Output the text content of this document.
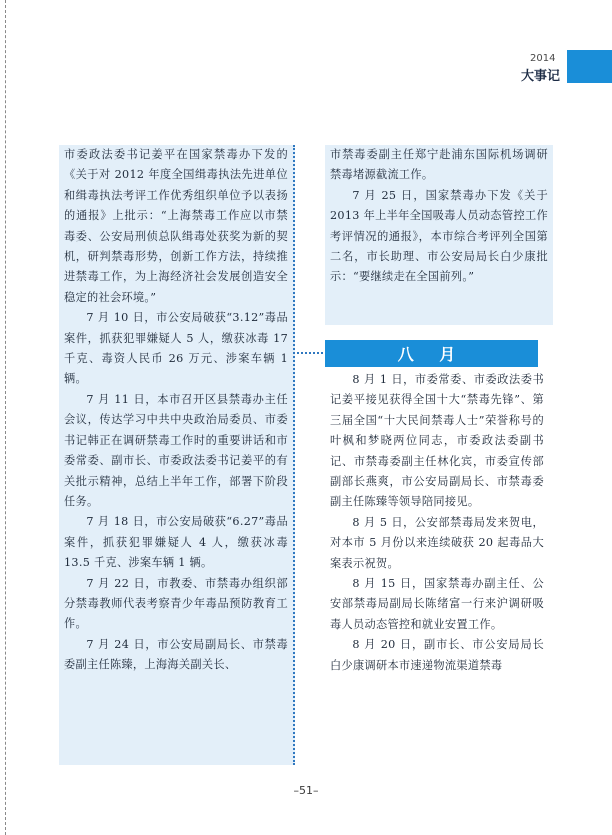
2014
大事记

市委政法委书记姜平在国家禁毒办下发的《关于对 2012 年度全国缉毒执法先进单位和缉毒执法考评工作优秀组织单位予以表扬的通报》上批示：“上海禁毒工作应以市禁毒委、公安局刑侦总队缉毒处获奖为新的契机，研判禁毒形势，创新工作方法，持续推进禁毒工作，为上海经济社会发展创造安全稳定的社会环境。”

7 月 10 日，市公安局破获“3.12”毒品案件，抓获犯罪嫌疑人 5 人，缴获冰毒 17 千克、毒资人民币 26 万元、涉案车辆 1 辆。

7 月 11 日，本市召开区县禁毒办主任会议，传达学习中共中央政治局委员、市委书记韩正在调研禁毒工作时的重要讲话和市委常委、副市长、市委政法委书记姜平的有关批示精神，总结上半年工作，部署下阶段任务。

7 月 18 日，市公安局破获“6.27”毒品案件，抓获犯罪嫌疑人 4 人，缴获冰毒 13.5 千克、涉案车辆 1 辆。

7 月 22 日，市教委、市禁毒办组织部分禁毒教师代表考察青少年毒品预防教育工作。

7 月 24 日，市公安局副局长、市禁毒委副主任陈臻，上海海关副关长、

市禁毒委副主任郑宁赴浦东国际机场调研禁毒堵源截流工作。

7 月 25 日，国家禁毒办下发《关于 2013 年上半年全国吸毒人员动态管控工作考评情况的通报》，本市综合考评列全国第二名，市长助理、市公安局局长白少康批示：“要继续走在全国前列。”

八 月

8 月 1 日，市委常委、市委政法委书记姜平接见获得全国十大“禁毒先锋”、第三届全国“十大民间禁毒人士”荣誉称号的叶枫和梦晓两位同志，市委政法委副书记、市禁毒委副主任林化宾，市委宣传部副部长燕爽，市公安局副局长、市禁毒委副主任陈臻等领导陪同接见。

8 月 5 日，公安部禁毒局发来贺电，对本市 5 月份以来连续破获 20 起毒品大案表示祝贺。

8 月 15 日，国家禁毒办副主任、公安部禁毒局副局长陈绪富一行来沪调研吸毒人员动态管控和就业安置工作。

8 月 20 日，副市长、市公安局局长白少康调研本市速递物流渠道禁毒

–51–
